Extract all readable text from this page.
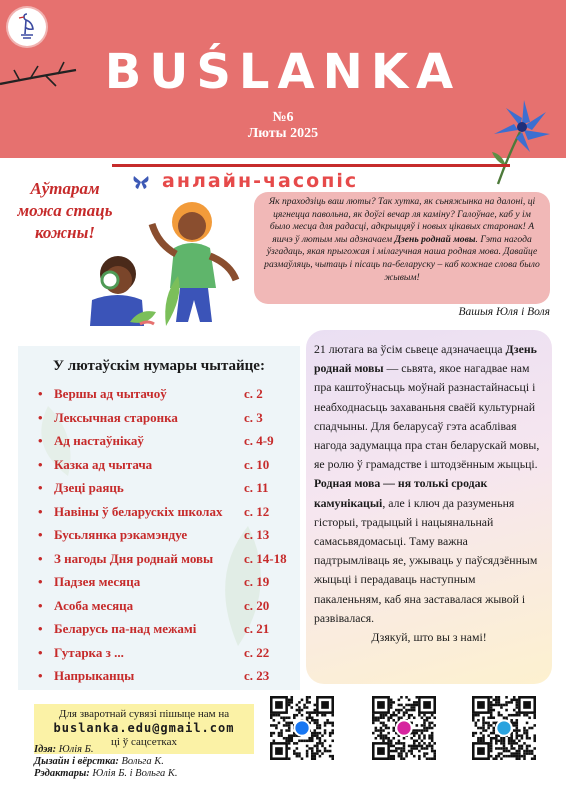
BUŚLANKA
№6
Люты 2025
анлайн-часопіс
Аўтарам
можа стаць
кожны!
Як праходзіць ваш люты? Так хутка, як сьняжынка на далоні, ці цягнецца павольна, як доўгі вечар ля каміну? Галоўнае, каб у ім было месца для радасці, адкрыццяў і новых цікавых старонак! А яшчэ ў лютым мы адзначаем Дзень роднай мовы. Гэта нагода ўзгадаць, якая прыгожая і мілагучная наша родная мова. Давайце размаўляць, чытаць і пісаць па-беларуску – каб кожнае слова было жывым!
Вашыя Юля і Воля
У лютаўскім нумары чытайце:
• Вершы ад чытачоў	с. 2
• Лексычная старонка	с. 3
• Ад настаўнікаў	с. 4-9
• Казка ад чытача	с. 10
• Дзеці раяць	с. 11
• Навіны ў беларускіх школах с. 12
• Бусьлянка рэкамэндуе	с. 13
• З нагоды Дня роднай мовы с. 14-18
• Падзея месяца	с. 19
• Асоба месяца	с. 20
• Беларусь па-над межамі	с. 21
• Гутарка з ...	с. 22
• Напрыканцы	с. 23
21 лютага ва ўсім сьвеце адзначаецца Дзень роднай мовы — сьвята, якое нагадвае нам пра каштоўнасьць моўнай разнастайнасьці і неабходнасьць захаваньня сваёй культурнай спадчыны. Для беларусаў гэта асаблівая нагода задумацца пра стан беларускай мовы, яе ролю ў грамадстве і штодзённым жыцьці. Родная мова — ня толькі сродак камунікацыі, але і ключ да разуменьня гісторыі, традыцый і нацыянальнай самасьвядомасьці. Таму важна падтрымліваць яе, ужываць у паўсядзённым жыцьці і перадаваць наступным пакаленьням, каб яна заставалася жывой і развівалася.
Дзякуй, што вы з намі!
Для зваротнай сувязі пішыце нам на
buslanka.edu@gmail.com
ці ў сацсетках
Ідэя: Юлія Б.
Дызайн і вёрстка: Вольга К.
Рэдактары: Юлія Б. і Вольга К.
